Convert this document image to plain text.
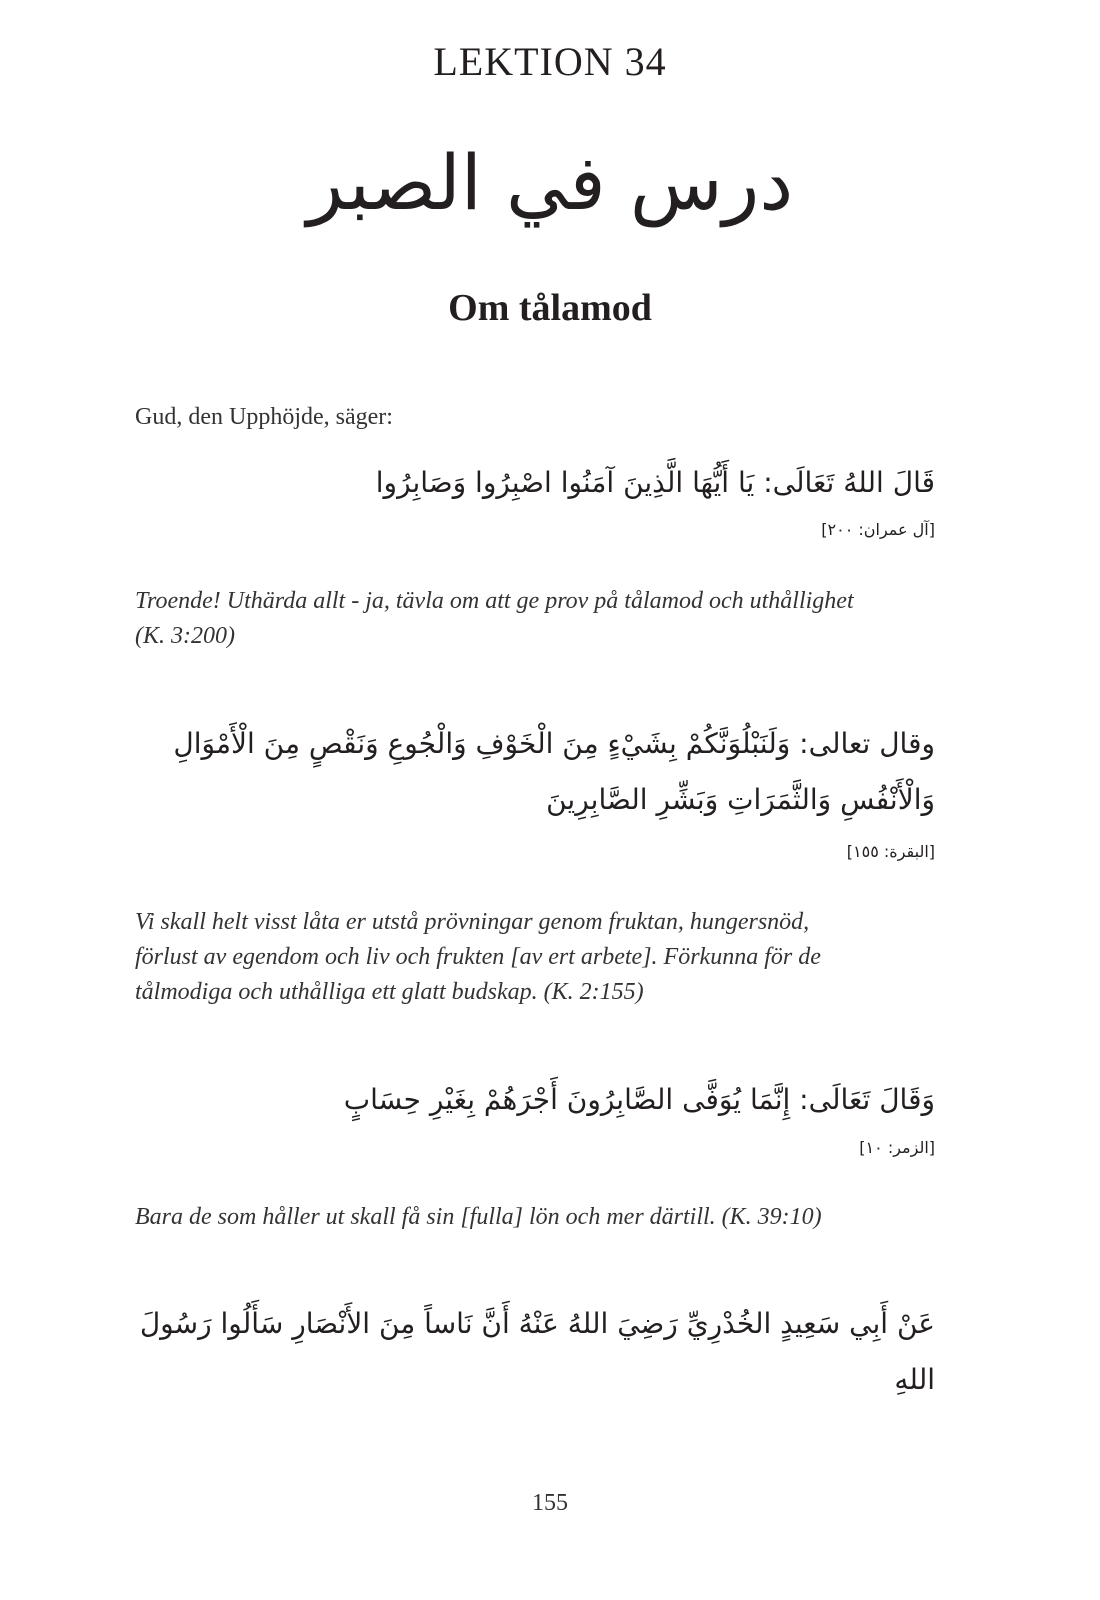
LEKTION 34
درس في الصبر
Om tålamod
Gud, den Upphöjde, säger:
قَالَ اللهُ تَعَالَى: يَا أَيُّهَا الَّذِينَ آمَنُوا اصْبِرُوا وَصَابِرُوا
[آل عمران: ٢٠٠]
Troende! Uthärda allt - ja, tävla om att ge prov på tålamod och uthållighet
(K. 3:200)
وقال تعالى: وَلَنَبْلُوَنَّكُمْ بِشَيْءٍ مِنَ الْخَوْفِ وَالْجُوعِ وَنَقْصٍ مِنَ الْأَمْوَالِ
وَالْأَنْفُسِ وَالثَّمَرَاتِ وَبَشِّرِ الصَّابِرِينَ
[البقرة: ١٥٥]
Vi skall helt visst låta er utstå prövningar genom fruktan, hungersnöd,
förlust av egendom och liv och frukten [av ert arbete]. Förkunna för de
tålmodiga och uthålliga ett glatt budskap. (K. 2:155)
وَقَالَ تَعَالَى: إِنَّمَا يُوَفَّى الصَّابِرُونَ أَجْرَهُمْ بِغَيْرِ حِسَابٍ
[الزمر: ١٠]
Bara de som håller ut skall få sin [fulla] lön och mer därtill. (K. 39:10)
عَنْ أَبِي سَعِيدٍ الخُدْرِيِّ رَضِيَ اللهُ عَنْهُ أَنَّ نَاساً مِنَ الأَنْصَارِ سَأَلُوا رَسُولَ اللهِ
155
